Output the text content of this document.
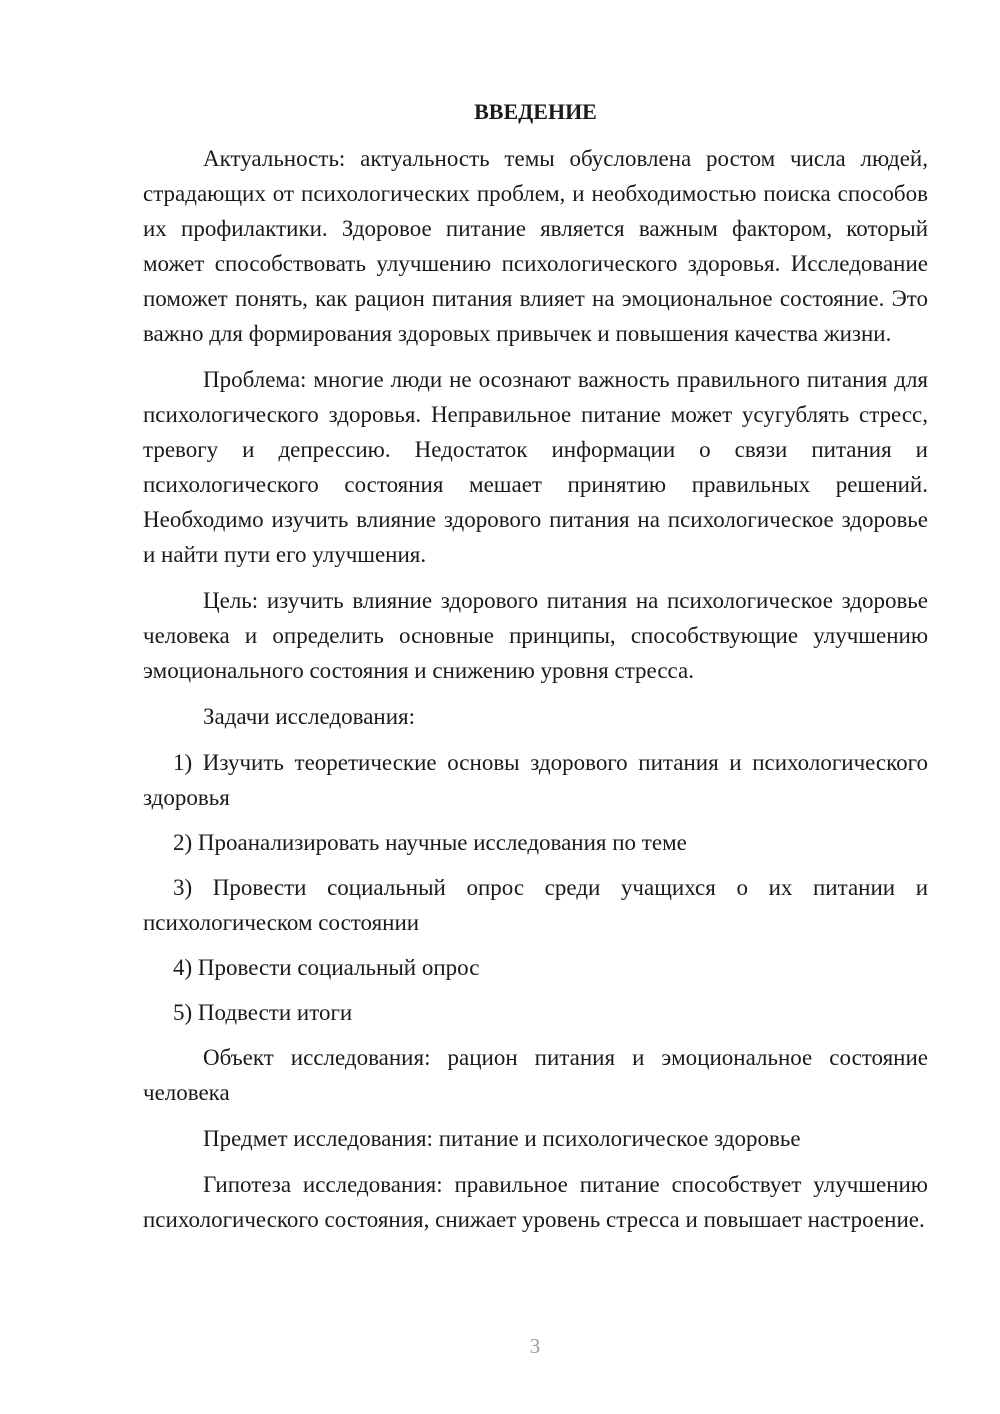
ВВЕДЕНИЕ

Актуальность: актуальность темы обусловлена ростом числа людей, страдающих от психологических проблем, и необходимостью поиска способов их профилактики. Здоровое питание является важным фактором, который может способствовать улучшению психологического здоровья. Исследование поможет понять, как рацион питания влияет на эмоциональное состояние. Это важно для формирования здоровых привычек и повышения качества жизни.

Проблема: многие люди не осознают важность правильного питания для психологического здоровья. Неправильное питание может усугублять стресс, тревогу и депрессию. Недостаток информации о связи питания и психологического состояния мешает принятию правильных решений. Необходимо изучить влияние здорового питания на психологическое здоровье и найти пути его улучшения.

Цель: изучить влияние здорового питания на психологическое здоровье человека и определить основные принципы, способствующие улучшению эмоционального состояния и снижению уровня стресса.

Задачи исследования:

1) Изучить теоретические основы здорового питания и психологического здоровья

2) Проанализировать научные исследования по теме

3) Провести социальный опрос среди учащихся о их питании и психологическом состоянии

4) Провести социальный опрос

5) Подвести итоги

Объект исследования: рацион питания и эмоциональное состояние человека

Предмет исследования: питание и психологическое здоровье

Гипотеза исследования: правильное питание способствует улучшению психологического состояния, снижает уровень стресса и повышает настроение.

3
